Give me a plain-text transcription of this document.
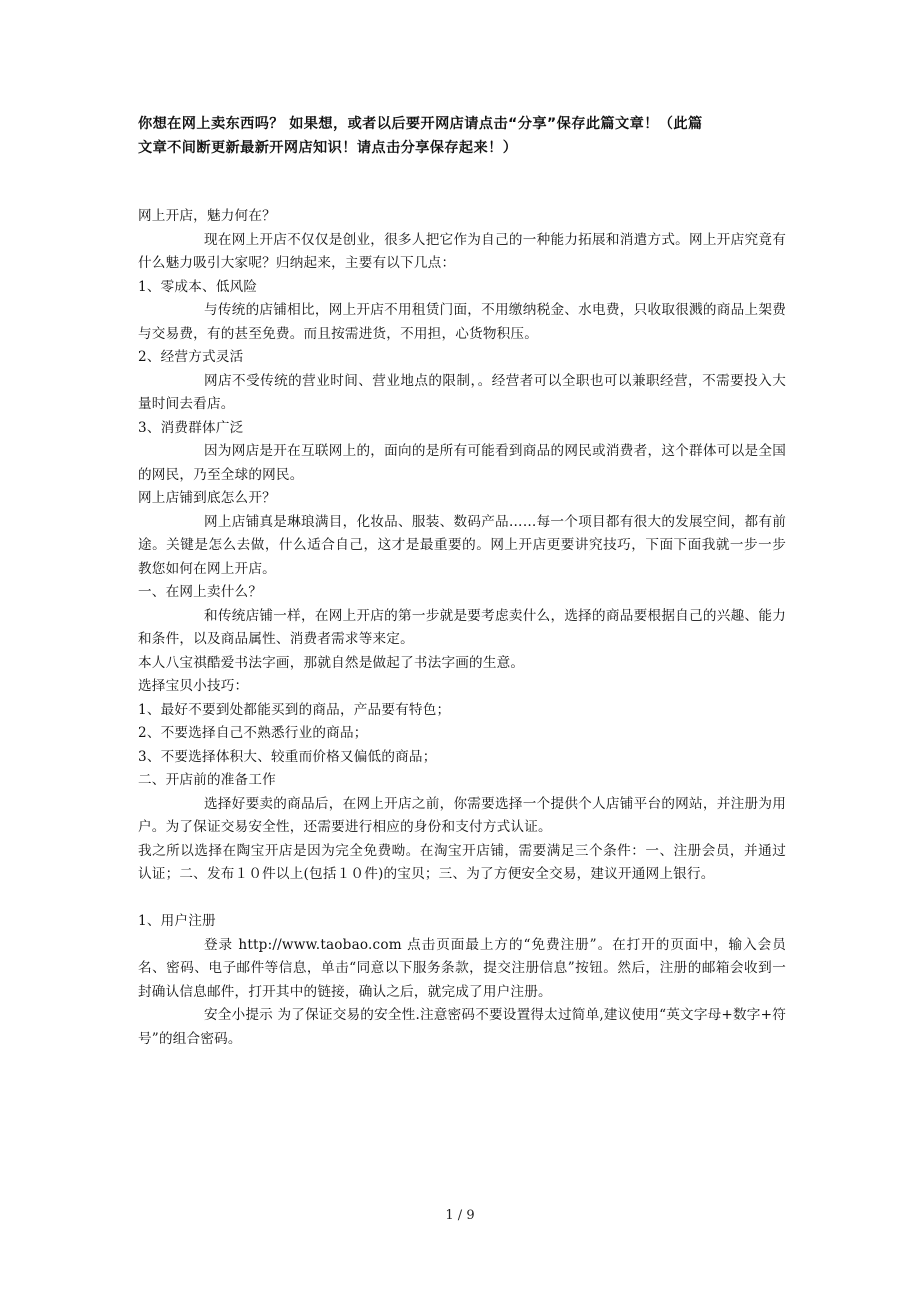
你想在网上卖东西吗？ 如果想，或者以后要开网店请点击“分享”保存此篇文章！（此篇
文章不间断更新最新开网店知识！请点击分享保存起来！）

网上开店，魅力何在？

现在网上开店不仅仅是创业，很多人把它作为自己的一种能力拓展和消遣方式。网上开店究竟有什么魅力吸引大家呢？归纳起来，主要有以下几点：

1、零成本、低风险

与传统的店铺相比，网上开店不用租赁门面，不用缴纳税金、水电费，只收取很溅的商品上架费与交易费，有的甚至免费。而且按需进货，不用担，心货物积压。

2、经营方式灵活

网店不受传统的营业时间、营业地点的限制，。经营者可以全职也可以兼职经营，不需要投入大量时间去看店。

3、消费群体广泛

因为网店是开在互联网上的，面向的是所有可能看到商品的网民或消费者，这个群体可以是全国的网民，乃至全球的网民。

网上店铺到底怎么开？

网上店铺真是琳琅满目，化妆品、服装、数码产品……每一个项目都有很大的发展空间，都有前途。关键是怎么去做，什么适合自己，这才是最重要的。网上开店更要讲究技巧，下面下面我就一步一步教您如何在网上开店。

一、在网上卖什么？

和传统店铺一样，在网上开店的第一步就是要考虑卖什么，选择的商品要根据自己的兴趣、能力和条件，以及商品属性、消费者需求等来定。

本人八宝祺酷爱书法字画，那就自然是做起了书法字画的生意。

选择宝贝小技巧：

1、最好不要到处都能买到的商品，产品要有特色；

2、不要选择自己不熟悉行业的商品；

3、不要选择体积大、较重而价格又偏低的商品；

二、开店前的准备工作

选择好要卖的商品后，在网上开店之前，你需要选择一个提供个人店铺平台的网站，并注册为用户。为了保证交易安全性，还需要进行相应的身份和支付方式认证。

我之所以选择在陶宝开店是因为完全免费呦。在淘宝开店铺，需要满足三个条件：一、注册会员，并通过认证；二、发布１０件以上(包括１０件)的宝贝；三、为了方便安全交易，建议开通网上银行。

1、用户注册

登录 http://www.taobao.com 点击页面最上方的“免费注册”。在打开的页面中，输入会员名、密码、电子邮件等信息，单击“同意以下服务条款，提交注册信息”按钮。然后，注册的邮箱会收到一封确认信息邮件，打开其中的链接，确认之后，就完成了用户注册。

安全小提示 为了保证交易的安全性.注意密码不要设置得太过简单,建议使用“英文字母+数字+符号”的组合密码。

1 / 9
